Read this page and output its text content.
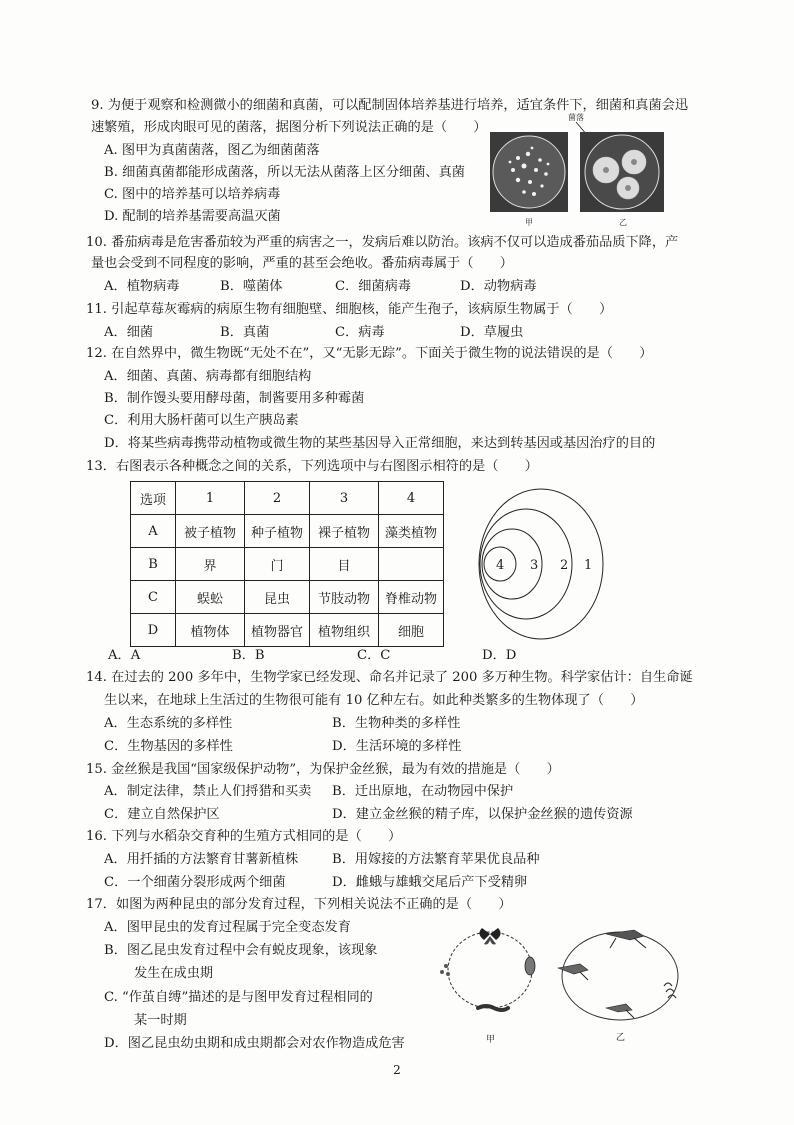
9. 为便于观察和检测微小的细菌和真菌，可以配制固体培养基进行培养，适宜条件下，细菌和真菌会迅
速繁殖，形成肉眼可见的菌落，据图分析下列说法正确的是（　　）
A. 图甲为真菌菌落，图乙为细菌菌落
B. 细菌真菌都能形成菌落，所以无法从菌落上区分细菌、真菌
C. 图中的培养基可以培养病毒
D. 配制的培养基需要高温灭菌
菌落
甲	乙
10. 番茄病毒是危害番茄较为严重的病害之一，发病后难以防治。该病不仅可以造成番茄品质下降，产
量也会受到不同程度的影响，严重的甚至会绝收。番茄病毒属于（　　）
A．植物病毒	B．噬菌体	C．细菌病毒	D．动物病毒
11. 引起草莓灰霉病的病原生物有细胞壁、细胞核，能产生孢子，该病原生物属于（　　）
A．细菌	B．真菌	C．病毒	D．草履虫
12. 在自然界中，微生物既“无处不在”，又“无影无踪”。下面关于微生物的说法错误的是（　　）
A．细菌、真菌、病毒都有细胞结构
B．制作馒头要用酵母菌，制酱要用多种霉菌
C．利用大肠杆菌可以生产胰岛素
D．将某些病毒携带动植物或微生物的某些基因导入正常细胞，来达到转基因或基因治疗的目的
13．右图表示各种概念之间的关系，下列选项中与右图图示相符的是（　　）
选项	1	2	3	4
A	被子植物	种子植物	裸子植物	藻类植物
B	界	门	目	
C	蜈蚣	昆虫	节肢动物	脊椎动物
D	植物体	植物器官	植物组织	细胞
4 3 2 1
A．A	B．B	C．C	D．D
14. 在过去的 200 多年中，生物学家已经发现、命名并记录了 200 多万种生物。科学家估计：自生命诞
生以来，在地球上生活过的生物很可能有 10 亿种左右。如此种类繁多的生物体现了（　　）
A．生态系统的多样性	B．生物种类的多样性
C．生物基因的多样性	D．生活环境的多样性
15. 金丝猴是我国“国家级保护动物”，为保护金丝猴，最为有效的措施是（　　）
A．制定法律，禁止人们捋猎和买卖 B．迁出原地，在动物园中保护
C．建立自然保护区	D．建立金丝猴的精子库，以保护金丝猴的遗传资源
16. 下列与水稻杂交育种的生殖方式相同的是（　　）
A．用扦插的方法繁育甘薯新植株	B．用嫁接的方法繁育苹果优良品种
C．一个细菌分裂形成两个细菌	D．雌蛾与雄蛾交尾后产下受精卵
17．如图为两种昆虫的部分发育过程，下列相关说法不正确的是（　　）
A．图甲昆虫的发育过程属于完全变态发育
B．图乙昆虫发育过程中会有蜕皮现象，该现象
发生在成虫期
C. “作茧自缚”描述的是与图甲发育过程相同的
某一时期
D．图乙昆虫幼虫期和成虫期都会对农作物造成危害	甲	乙
2
